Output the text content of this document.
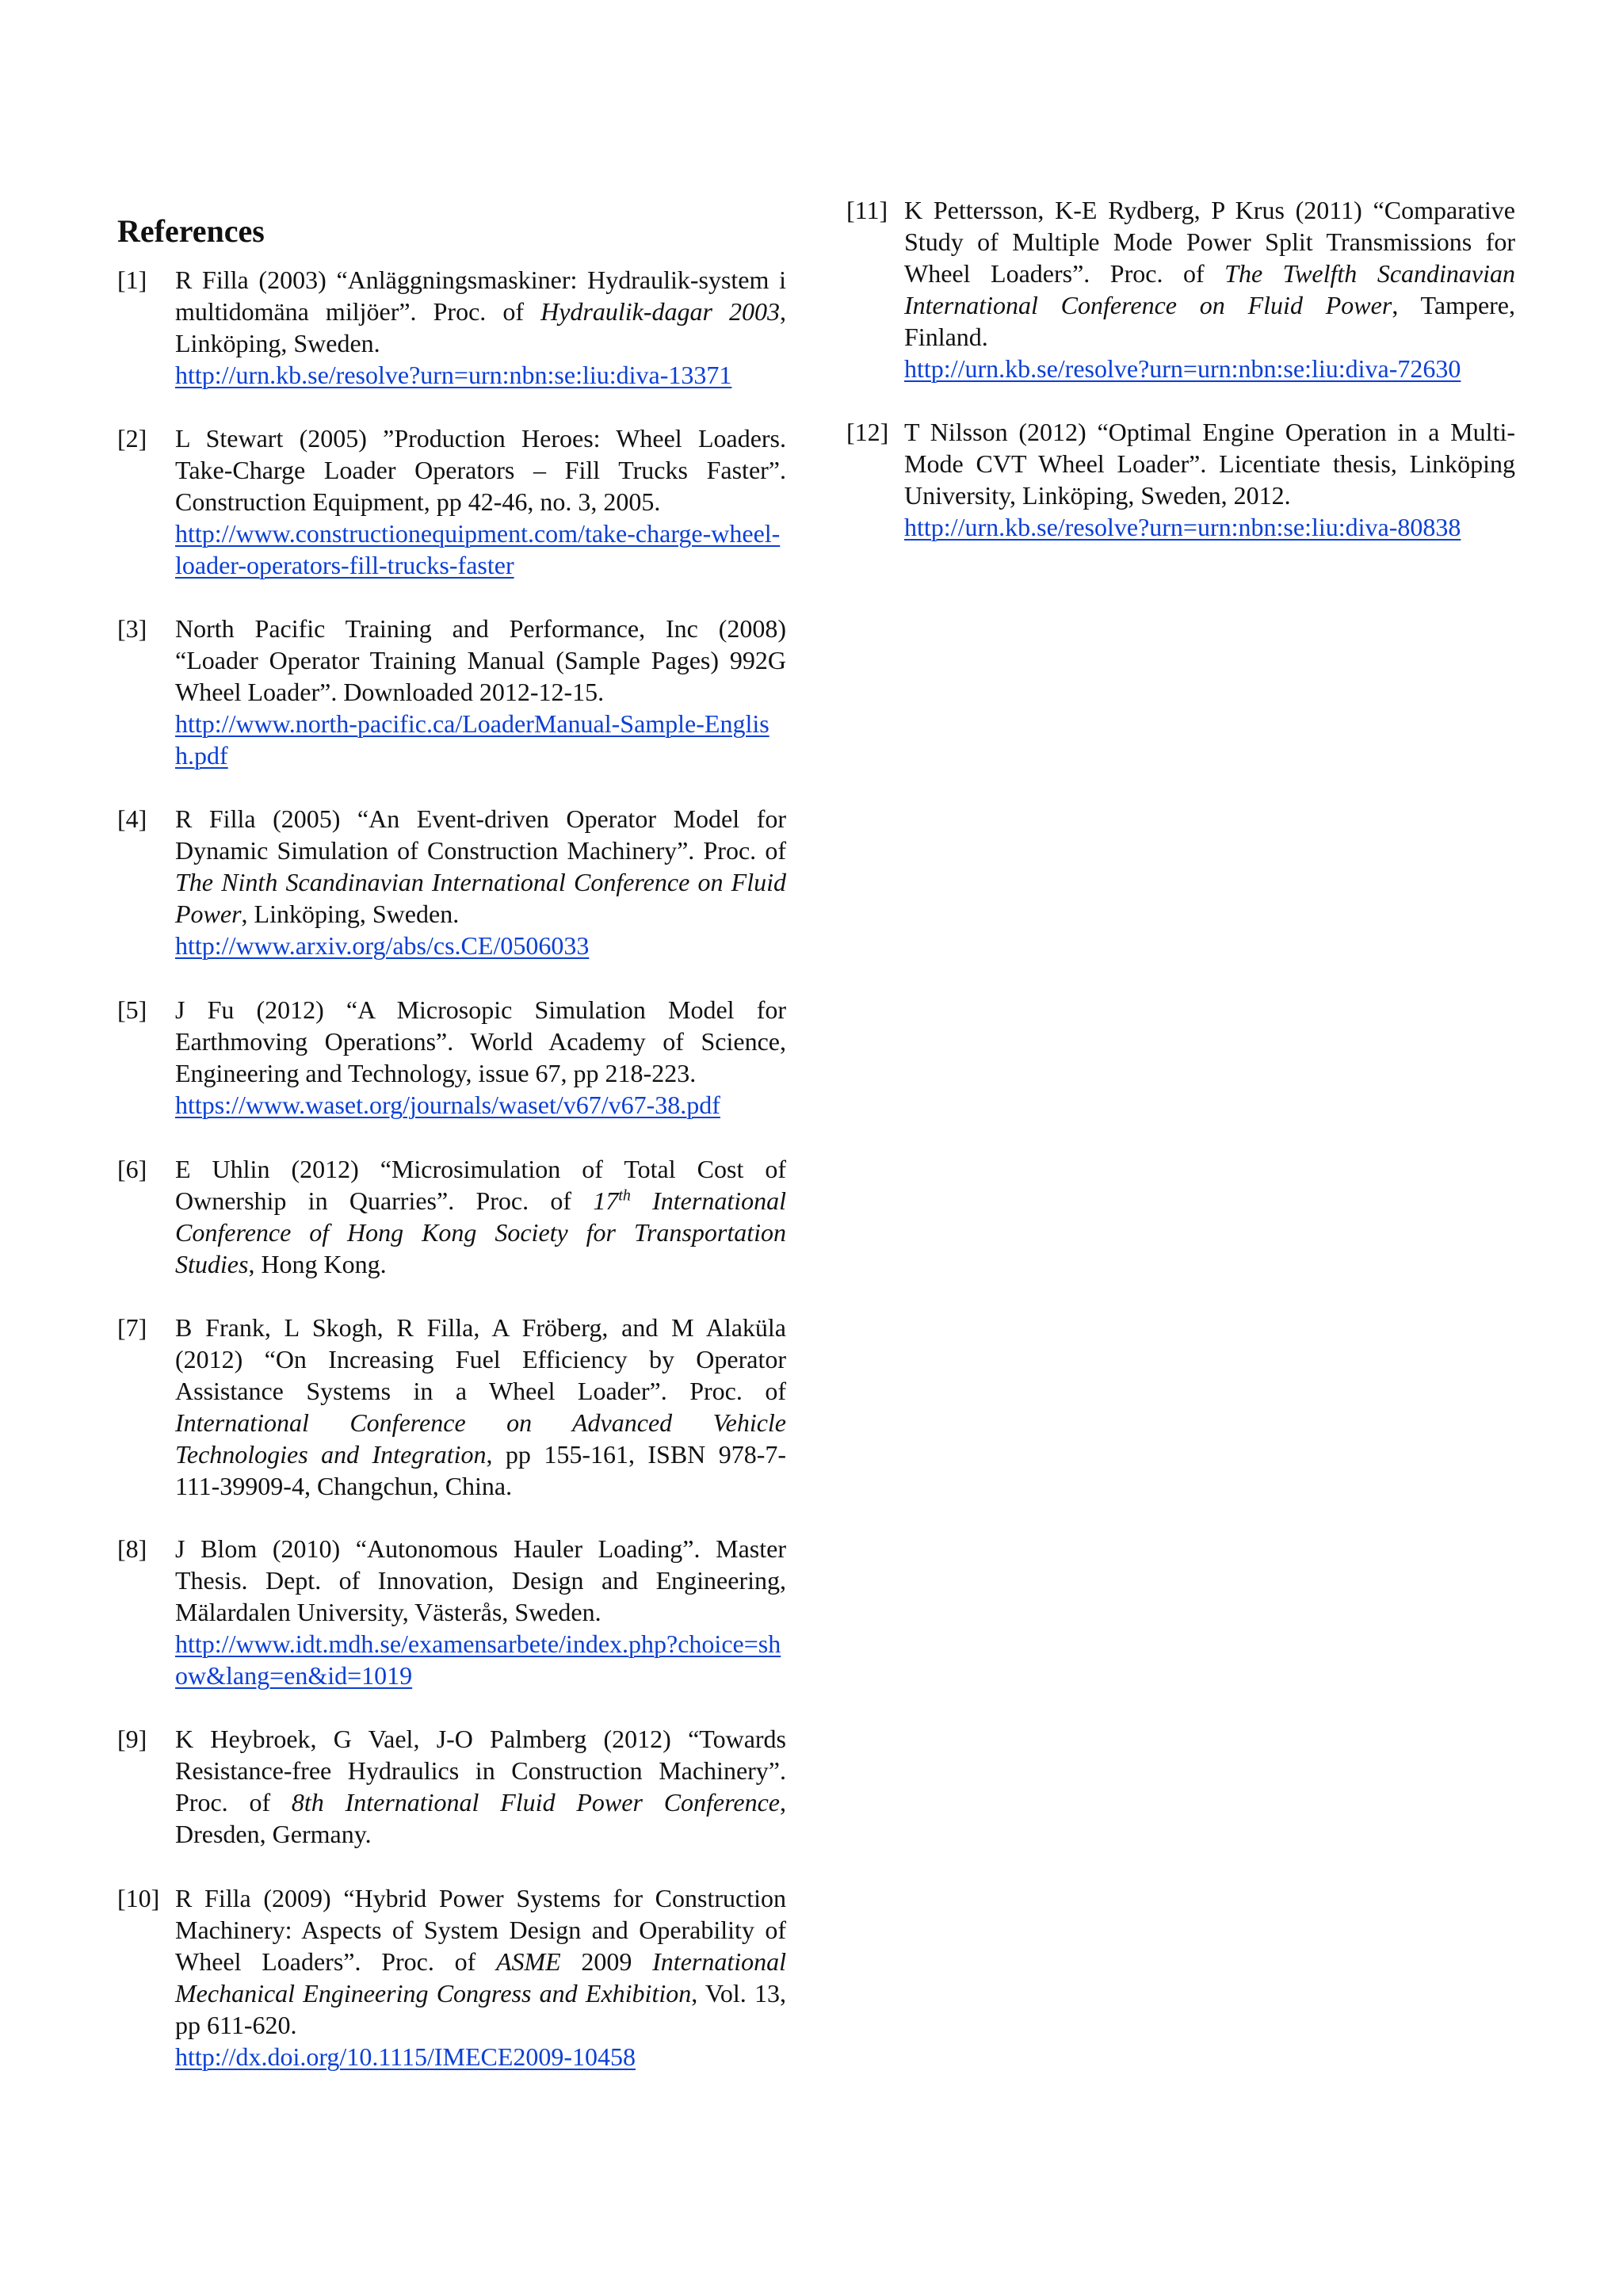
References
[1]	R Filla (2003) “Anläggningsmaskiner: Hydraulik-system i multidomäna miljöer”. Proc. of Hydraulik-dagar 2003, Linköping, Sweden.
http://urn.kb.se/resolve?urn=urn:nbn:se:liu:diva-13371
[2]	L Stewart (2005) ”Production Heroes: Wheel Loaders. Take-Charge Loader Operators – Fill Trucks Faster”. Construction Equipment, pp 42-46, no. 3, 2005.
http://www.constructionequipment.com/take-charge-wheel-loader-operators-fill-trucks-faster
[3]	North Pacific Training and Performance, Inc (2008) “Loader Operator Training Manual (Sample Pages) 992G Wheel Loader”. Downloaded 2012-12-15.
http://www.north-pacific.ca/LoaderManual-Sample-English.pdf
[4]	R Filla (2005) “An Event-driven Operator Model for Dynamic Simulation of Construction Machinery”. Proc. of The Ninth Scandinavian International Conference on Fluid Power, Linköping, Sweden.
http://www.arxiv.org/abs/cs.CE/0506033
[5]	J Fu (2012) “A Microsopic Simulation Model for Earthmoving Operations”. World Academy of Science, Engineering and Technology, issue 67, pp 218-223.
https://www.waset.org/journals/waset/v67/v67-38.pdf
[6]	E Uhlin (2012) “Microsimulation of Total Cost of Ownership in Quarries”. Proc. of 17th International Conference of Hong Kong Society for Transportation Studies, Hong Kong.
[7]	B Frank, L Skogh, R Filla, A Fröberg, and M Alaküla (2012) “On Increasing Fuel Efficiency by Operator Assistance Systems in a Wheel Loader”. Proc. of International Conference on Advanced Vehicle Technologies and Integration, pp 155-161, ISBN 978-7-111-39909-4, Changchun, China.
[8]	J Blom (2010) “Autonomous Hauler Loading”. Master Thesis. Dept. of Innovation, Design and Engineering, Mälardalen University, Västerås, Sweden.
http://www.idt.mdh.se/examensarbete/index.php?choice=show&lang=en&id=1019
[9]	K Heybroek, G Vael, J-O Palmberg (2012) “Towards Resistance-free Hydraulics in Construction Machinery”. Proc. of 8th International Fluid Power Conference, Dresden, Germany.
[10] R Filla (2009) “Hybrid Power Systems for Construction Machinery: Aspects of System Design and Operability of Wheel Loaders”. Proc. of ASME 2009 International Mechanical Engineering Congress and Exhibition, Vol. 13, pp 611-620.
http://dx.doi.org/10.1115/IMECE2009-10458
[11] K Pettersson, K-E Rydberg, P Krus (2011) “Comparative Study of Multiple Mode Power Split Transmissions for Wheel Loaders”. Proc. of The Twelfth Scandinavian International Conference on Fluid Power, Tampere, Finland.
http://urn.kb.se/resolve?urn=urn:nbn:se:liu:diva-72630
[12] T Nilsson (2012) “Optimal Engine Operation in a Multi-Mode CVT Wheel Loader”. Licentiate thesis, Linköping University, Linköping, Sweden, 2012.
http://urn.kb.se/resolve?urn=urn:nbn:se:liu:diva-80838
